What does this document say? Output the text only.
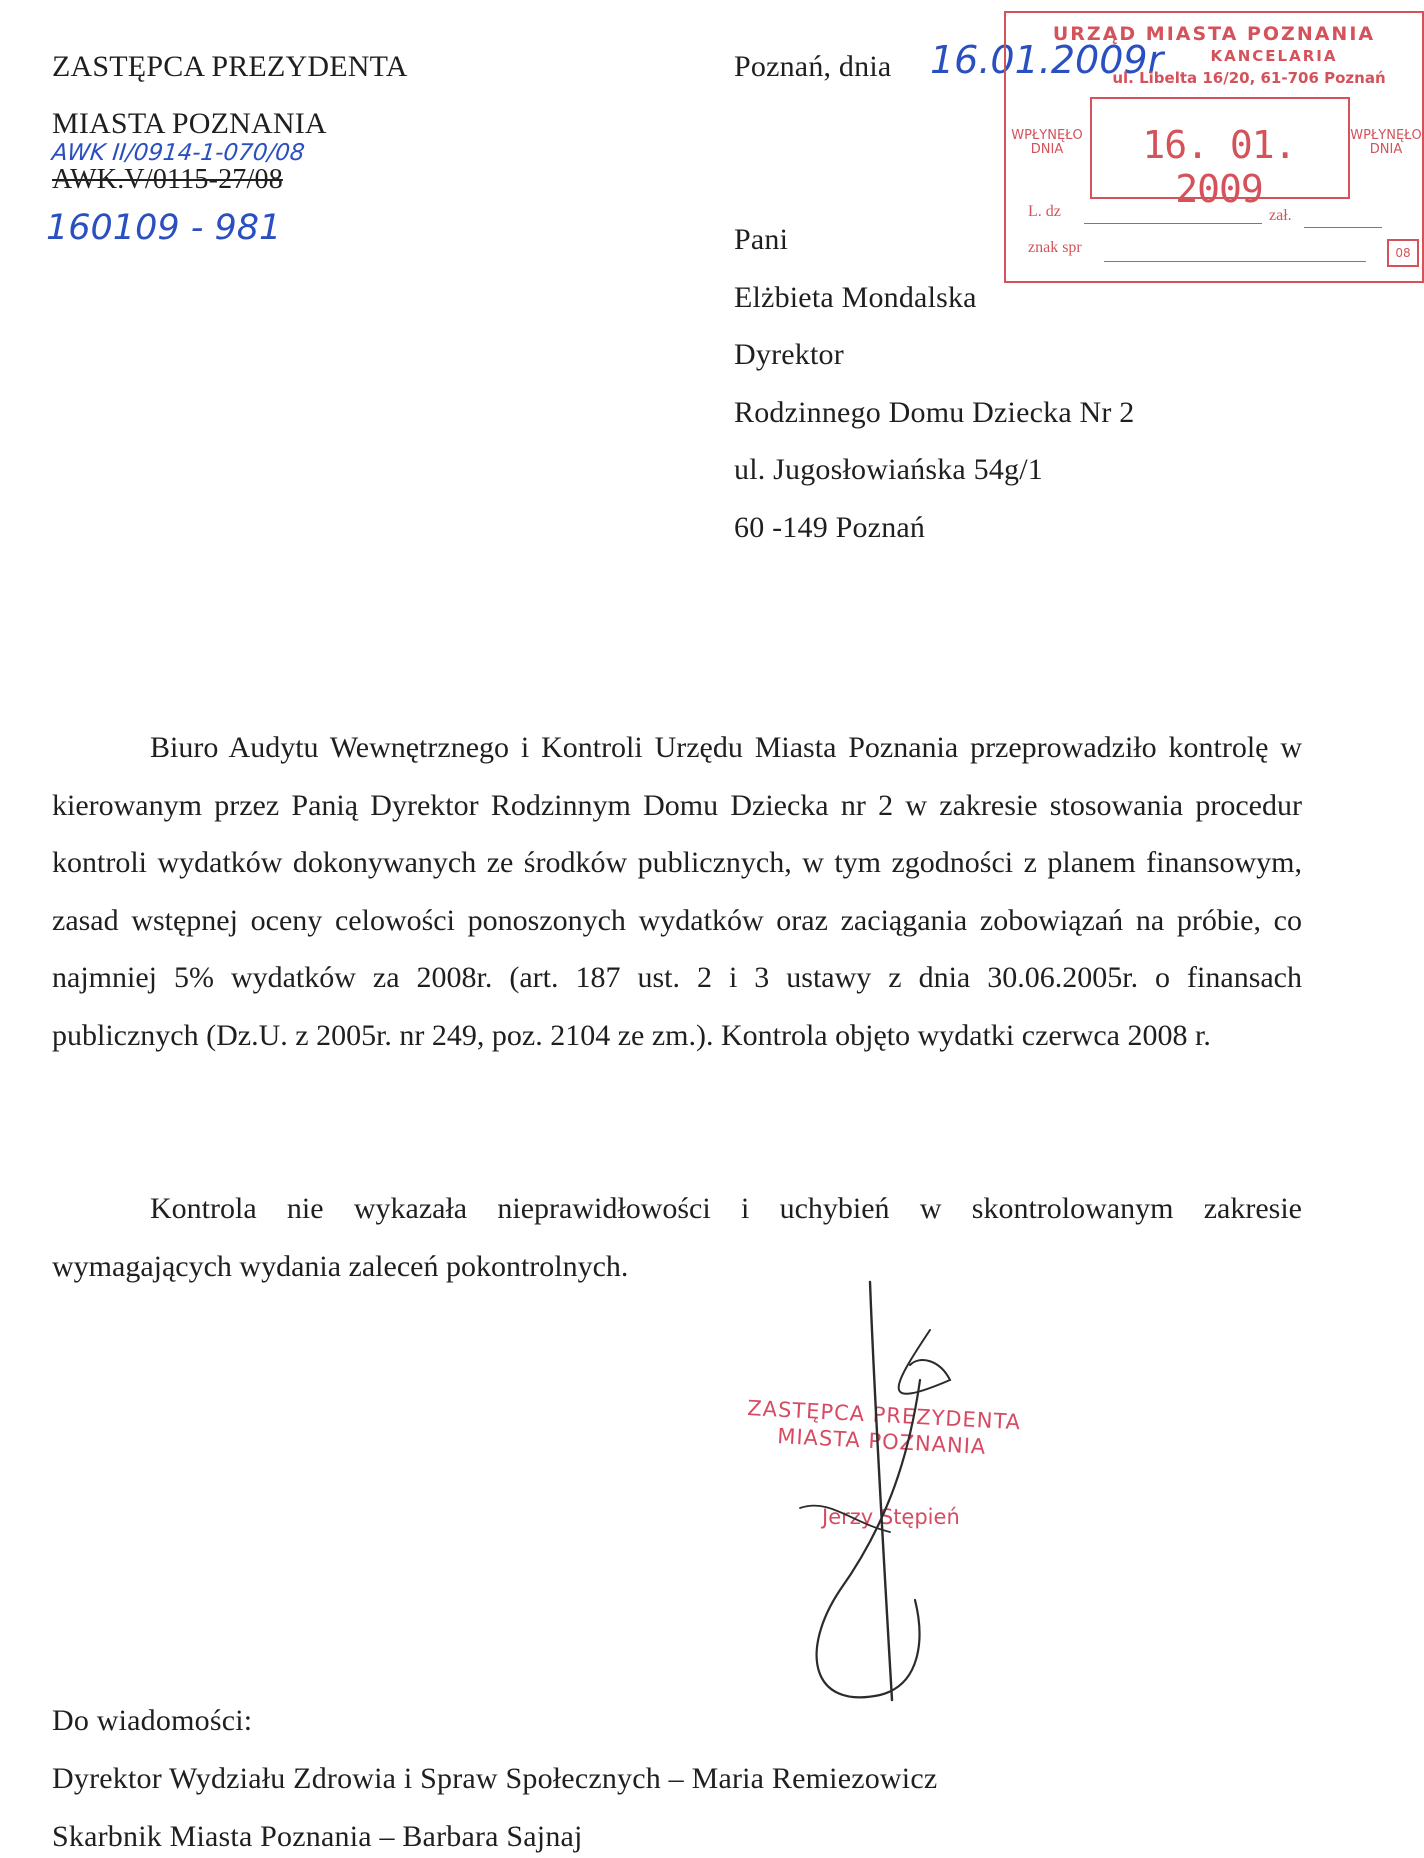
ZASTĘPCA PREZYDENTA
MIASTA POZNANIA
AWK II/0914-1-070/08
AWK.V/0115-27/08
160109 - 981
Poznań, dnia 16.01.2009r
URZĄD MIASTA POZNANIA
KANCELARIA
ul. Libelta 16/20, 61-706 Poznań
WPŁYNĘŁO DNIA	16. 01. 2009
WPŁYNĘŁO DNIA
L. dz	zał.
znak spr	08
Pani
Elżbieta Mondalska
Dyrektor
Rodzinnego Domu Dziecka Nr 2
ul. Jugosłowiańska 54g/1
60 -149 Poznań
Biuro Audytu Wewnętrznego i Kontroli Urzędu Miasta Poznania przeprowadziło kontrolę w kierowanym przez Panią Dyrektor Rodzinnym Domu Dziecka nr 2 w zakresie stosowania procedur kontroli wydatków dokonywanych ze środków publicznych, w tym zgodności z planem finansowym, zasad wstępnej oceny celowości ponoszonych wydatków oraz zaciągania zobowiązań na próbie, co najmniej 5% wydatków za 2008r. (art. 187 ust. 2 i 3 ustawy z dnia 30.06.2005r. o finansach publicznych (Dz.U. z 2005r. nr 249, poz. 2104 ze zm.). Kontrola objęto wydatki czerwca 2008 r.
Kontrola nie wykazała nieprawidłowości i uchybień w skontrolowanym zakresie wymagających wydania zaleceń pokontrolnych.
ZASTĘPCA PREZYDENTA
MIASTA POZNANIA
Jerzy Stępień
Do wiadomości:
Dyrektor Wydziału Zdrowia i Spraw Społecznych – Maria Remiezowicz
Skarbnik Miasta Poznania – Barbara Sajnaj
